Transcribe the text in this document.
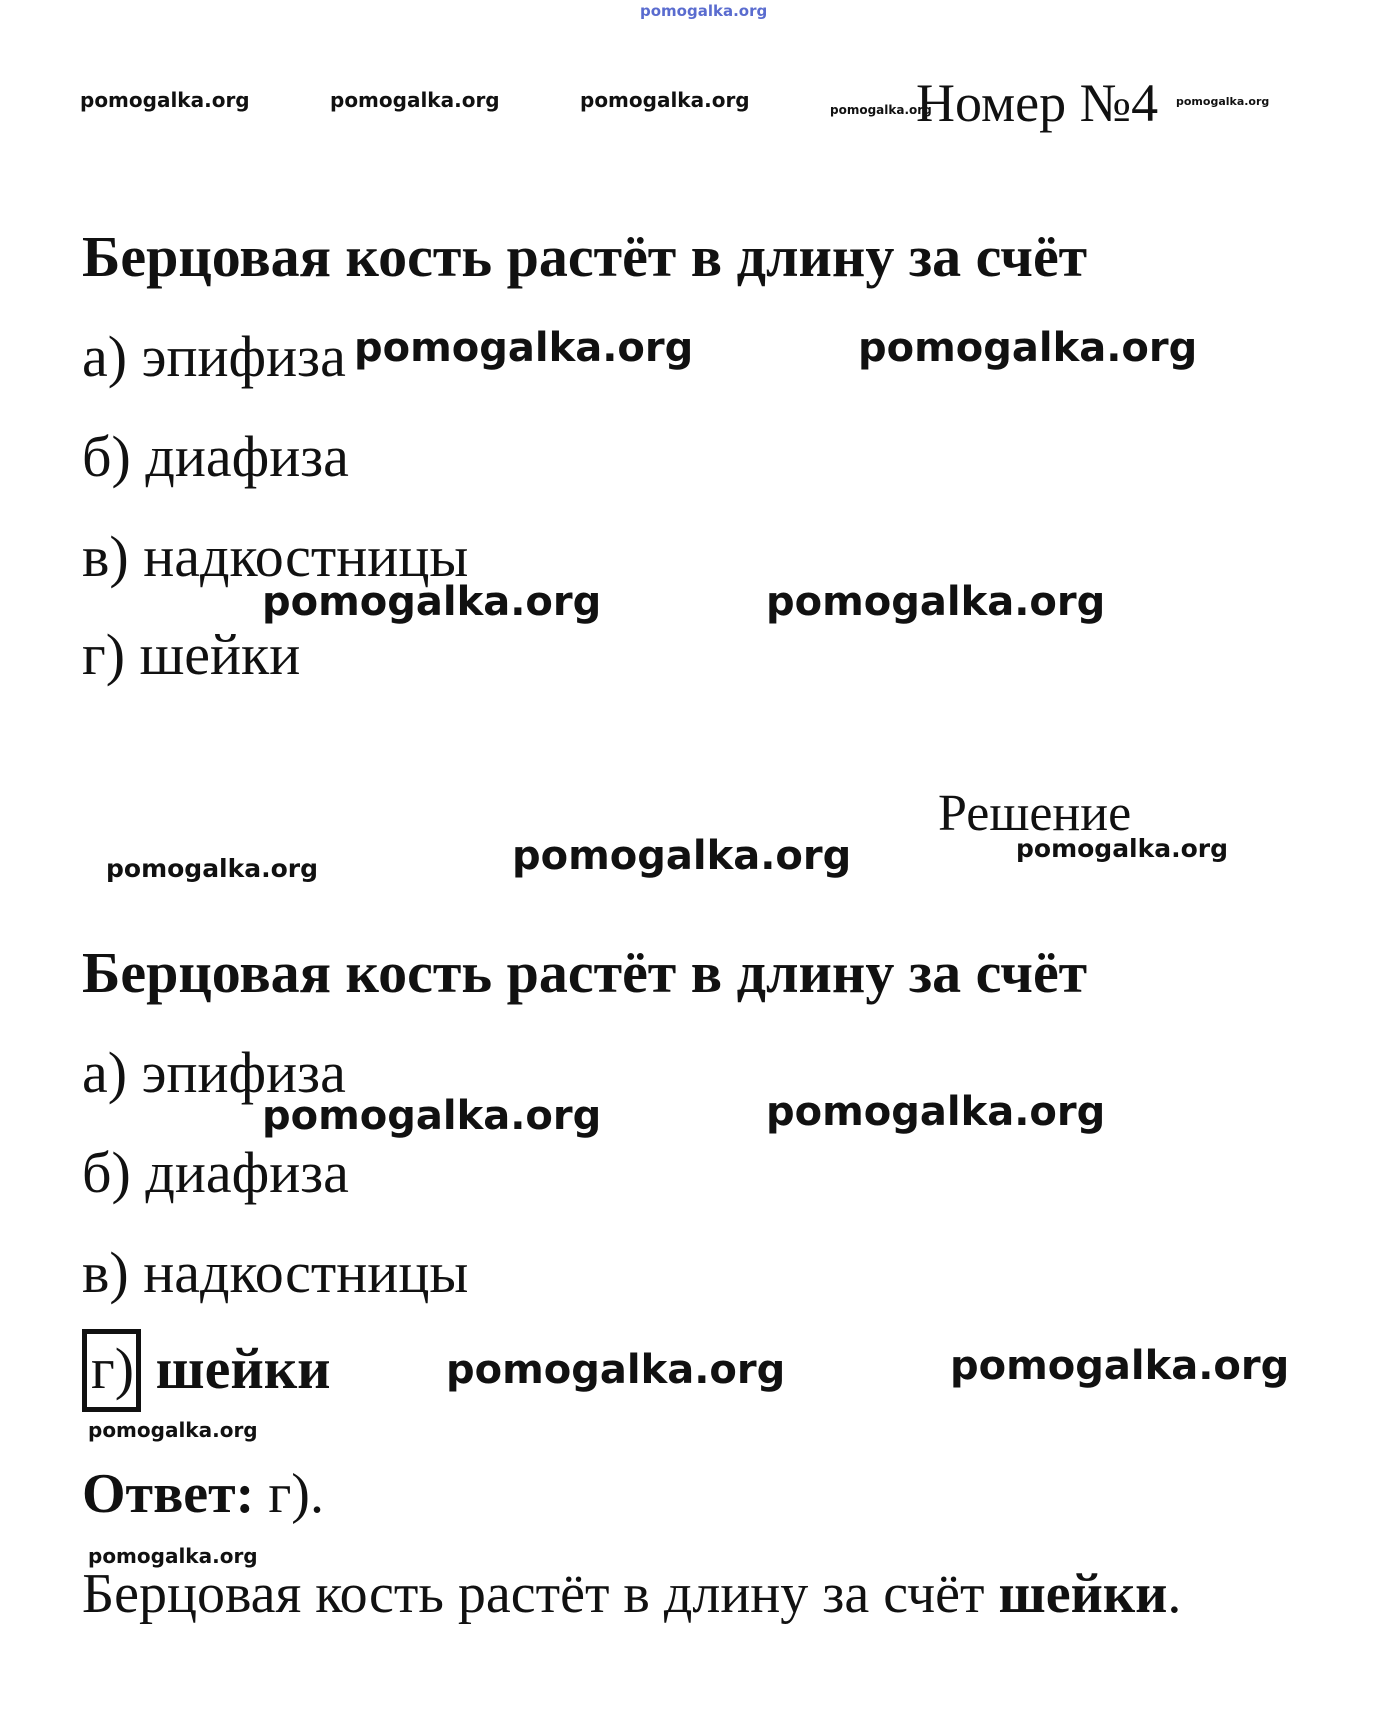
pomogalka.org
pomogalka.org	pomogalka.org	pomogalka.org	pomogalka.org
Номер №4 pomogalka.org
Берцовая кость растёт в длину за счёт
а) эпифиза pomogalka.org	pomogalka.org
б) диафиза
в) надкостницы
pomogalka.org	pomogalka.org
г) шейки
Решение
pomogalka.org
pomogalka.org	pomogalka.org
Берцовая кость растёт в длину за счёт
а) эпифиза
pomogalka.org	pomogalka.org
б) диафиза
в) надкостницы
г) шейки	pomogalka.org	pomogalka.org
pomogalka.org
Ответ: г).
pomogalka.org
Берцовая кость растёт в длину за счёт шейки.
